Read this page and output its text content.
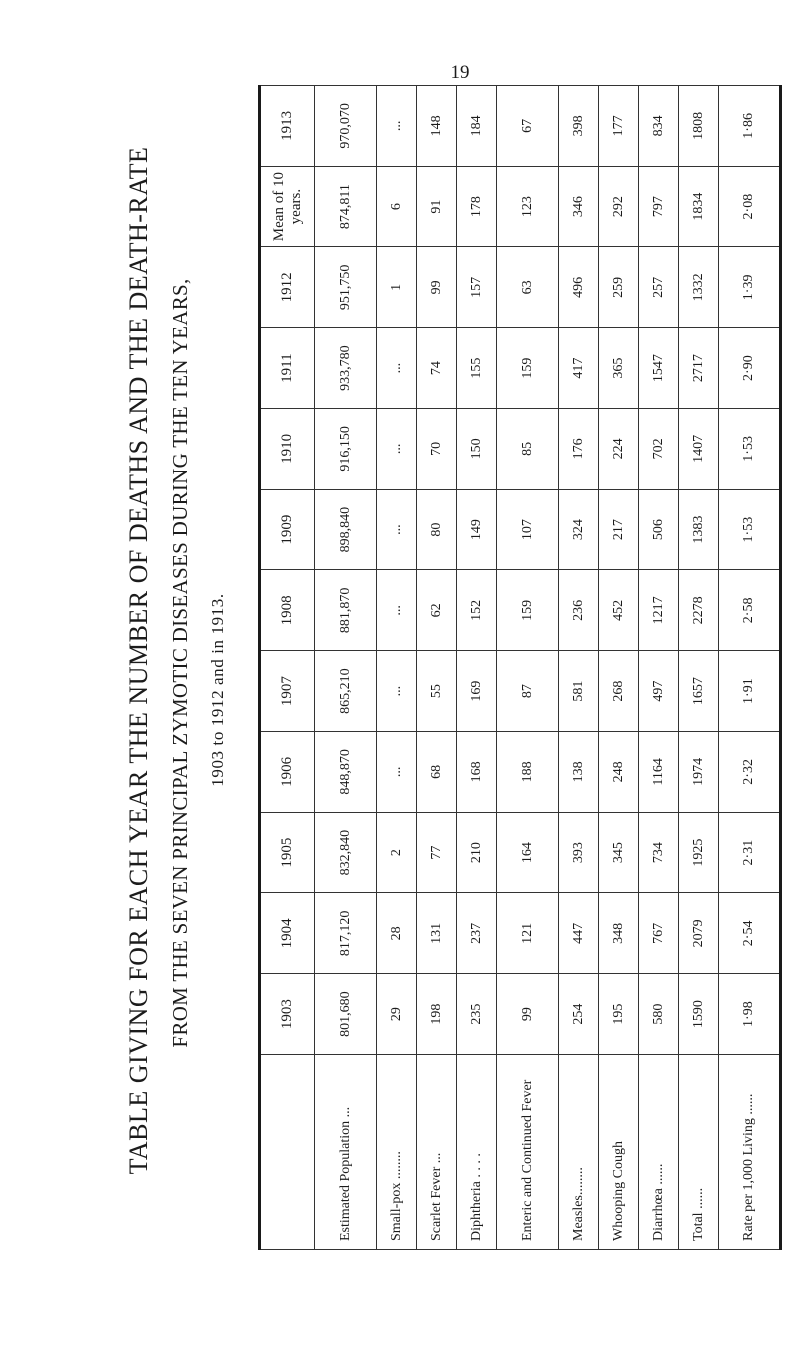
19
TABLE GIVING FOR EACH YEAR THE NUMBER OF DEATHS AND THE DEATH-RATE FROM THE SEVEN PRINCIPAL ZYMOTIC DISEASES DURING THE TEN YEARS, 1903 to 1912 and in 1913.
	1903	1904	1905	1906	1907	1908	1909	1910	1911	1912	Mean of 10 years.	1913
Estimated Population ...	801,680	817,120	832,840	848,870	865,210	881,870	898,840	916,150	933,780	951,750	874,811	970,070
Small-pox ........	29	28	2	...	...	...	...	...	...	1	6	...
Scarlet Fever ...	198	131	77	68	55	62	80	70	74	99	91	148
Diphtheria . . . .	235	237	210	168	169	152	149	150	155	157	178	184
Enteric and Continued Fever	99	121	164	188	87	159	107	85	159	63	123	67
Measles........	254	447	393	138	581	236	324	176	417	496	346	398
Whooping Cough	195	348	345	248	268	452	217	224	365	259	292	177
Diarrhœa ......	580	767	734	1164	497	1217	506	702	1547	257	797	834
Total ......	1590	2079	1925	1974	1657	2278	1383	1407	2717	1332	1834	1808
Rate per 1,000 Living ......	1·98	2·54	2·31	2·32	1·91	2·58	1·53	1·53	2·90	1·39	2·08	1·86
